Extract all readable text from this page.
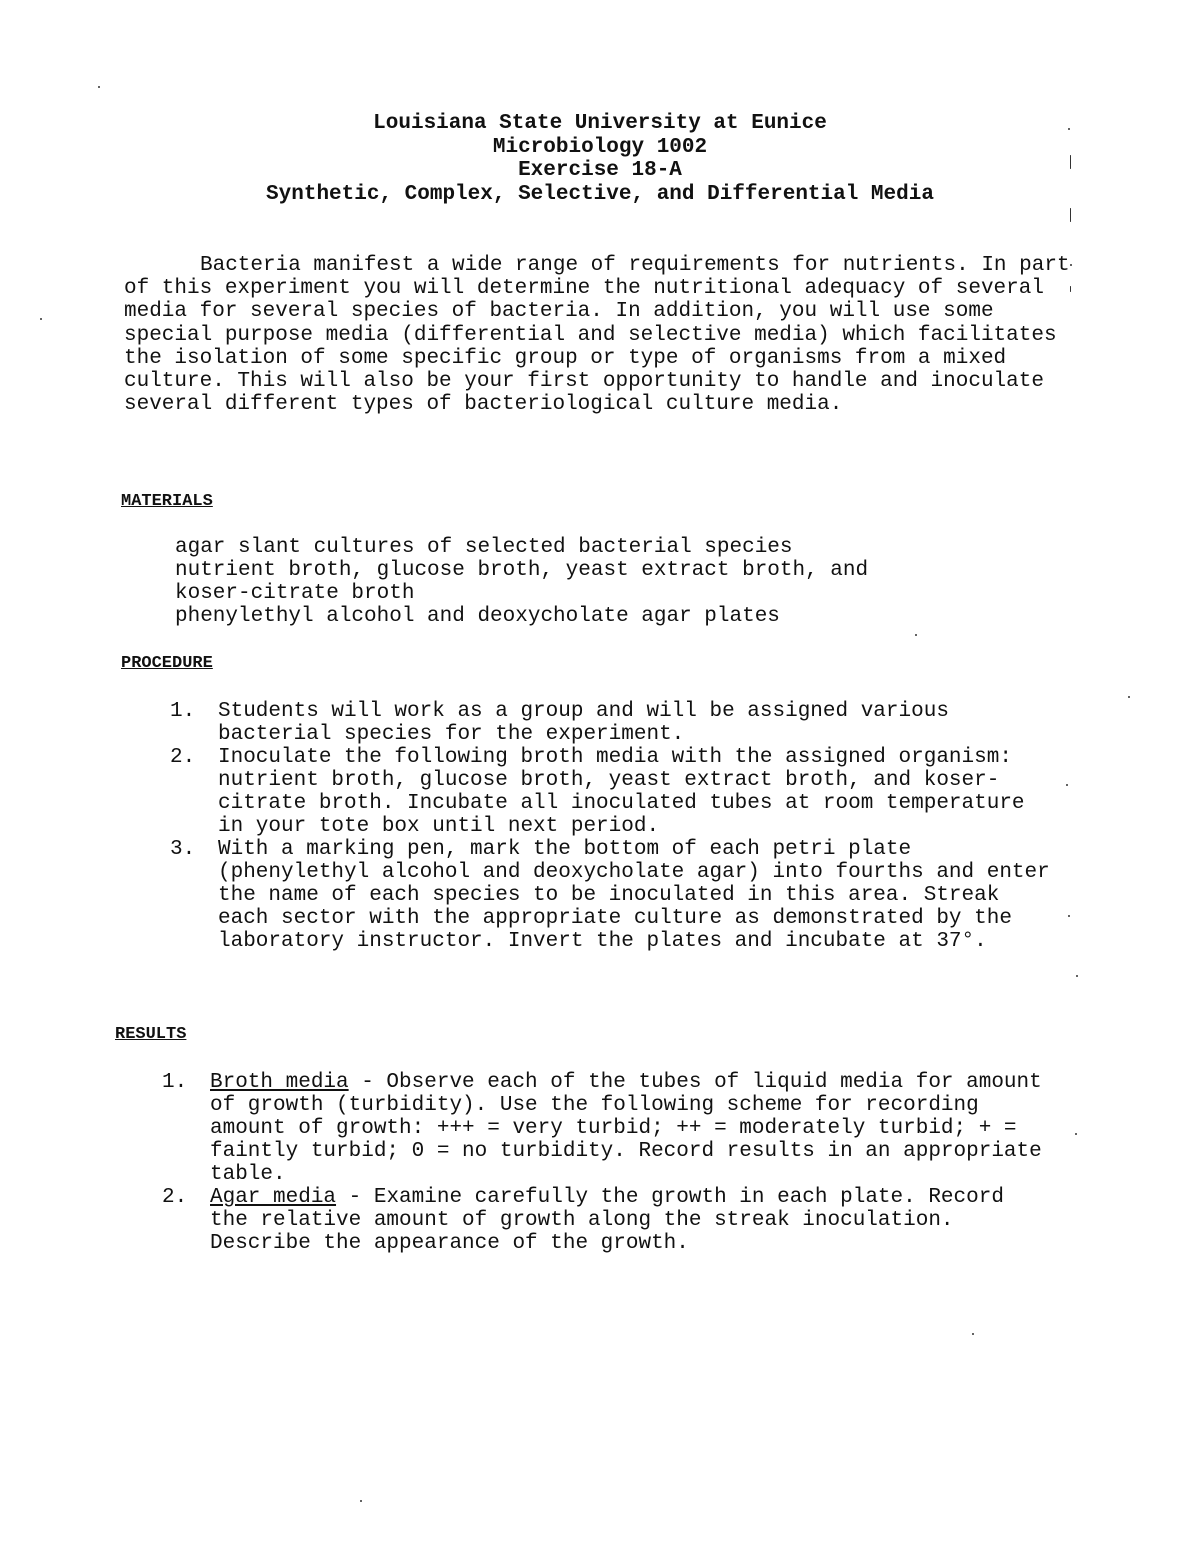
Louisiana State University at Eunice
Microbiology 1002
Exercise 18-A
Synthetic, Complex, Selective, and Differential Media

Bacteria manifest a wide range of requirements for nutrients. In part of this experiment you will determine the nutritional adequacy of several media for several species of bacteria. In addition, you will use some special purpose media (differential and selective media) which facilitates the isolation of some specific group or type of organisms from a mixed culture. This will also be your first opportunity to handle and inoculate several different types of bacteriological culture media.

MATERIALS
agar slant cultures of selected bacterial species
nutrient broth, glucose broth, yeast extract broth, and
koser-citrate broth
phenylethyl alcohol and deoxycholate agar plates
PROCEDURE
1. Students will work as a group and will be assigned various bacterial species for the experiment.
2. Inoculate the following broth media with the assigned organism: nutrient broth, glucose broth, yeast extract broth, and koser-citrate broth. Incubate all inoculated tubes at room temperature in your tote box until next period.
3. With a marking pen, mark the bottom of each petri plate (phenylethyl alcohol and deoxycholate agar) into fourths and enter the name of each species to be inoculated in this area. Streak each sector with the appropriate culture as demonstrated by the laboratory instructor. Invert the plates and incubate at 37°.
RESULTS
1. Broth media - Observe each of the tubes of liquid media for amount of growth (turbidity). Use the following scheme for recording amount of growth: +++ = very turbid; ++ = moderately turbid; + = faintly turbid; 0 = no turbidity. Record results in an appropriate table.
2. Agar media - Examine carefully the growth in each plate. Record the relative amount of growth along the streak inoculation. Describe the appearance of the growth.
